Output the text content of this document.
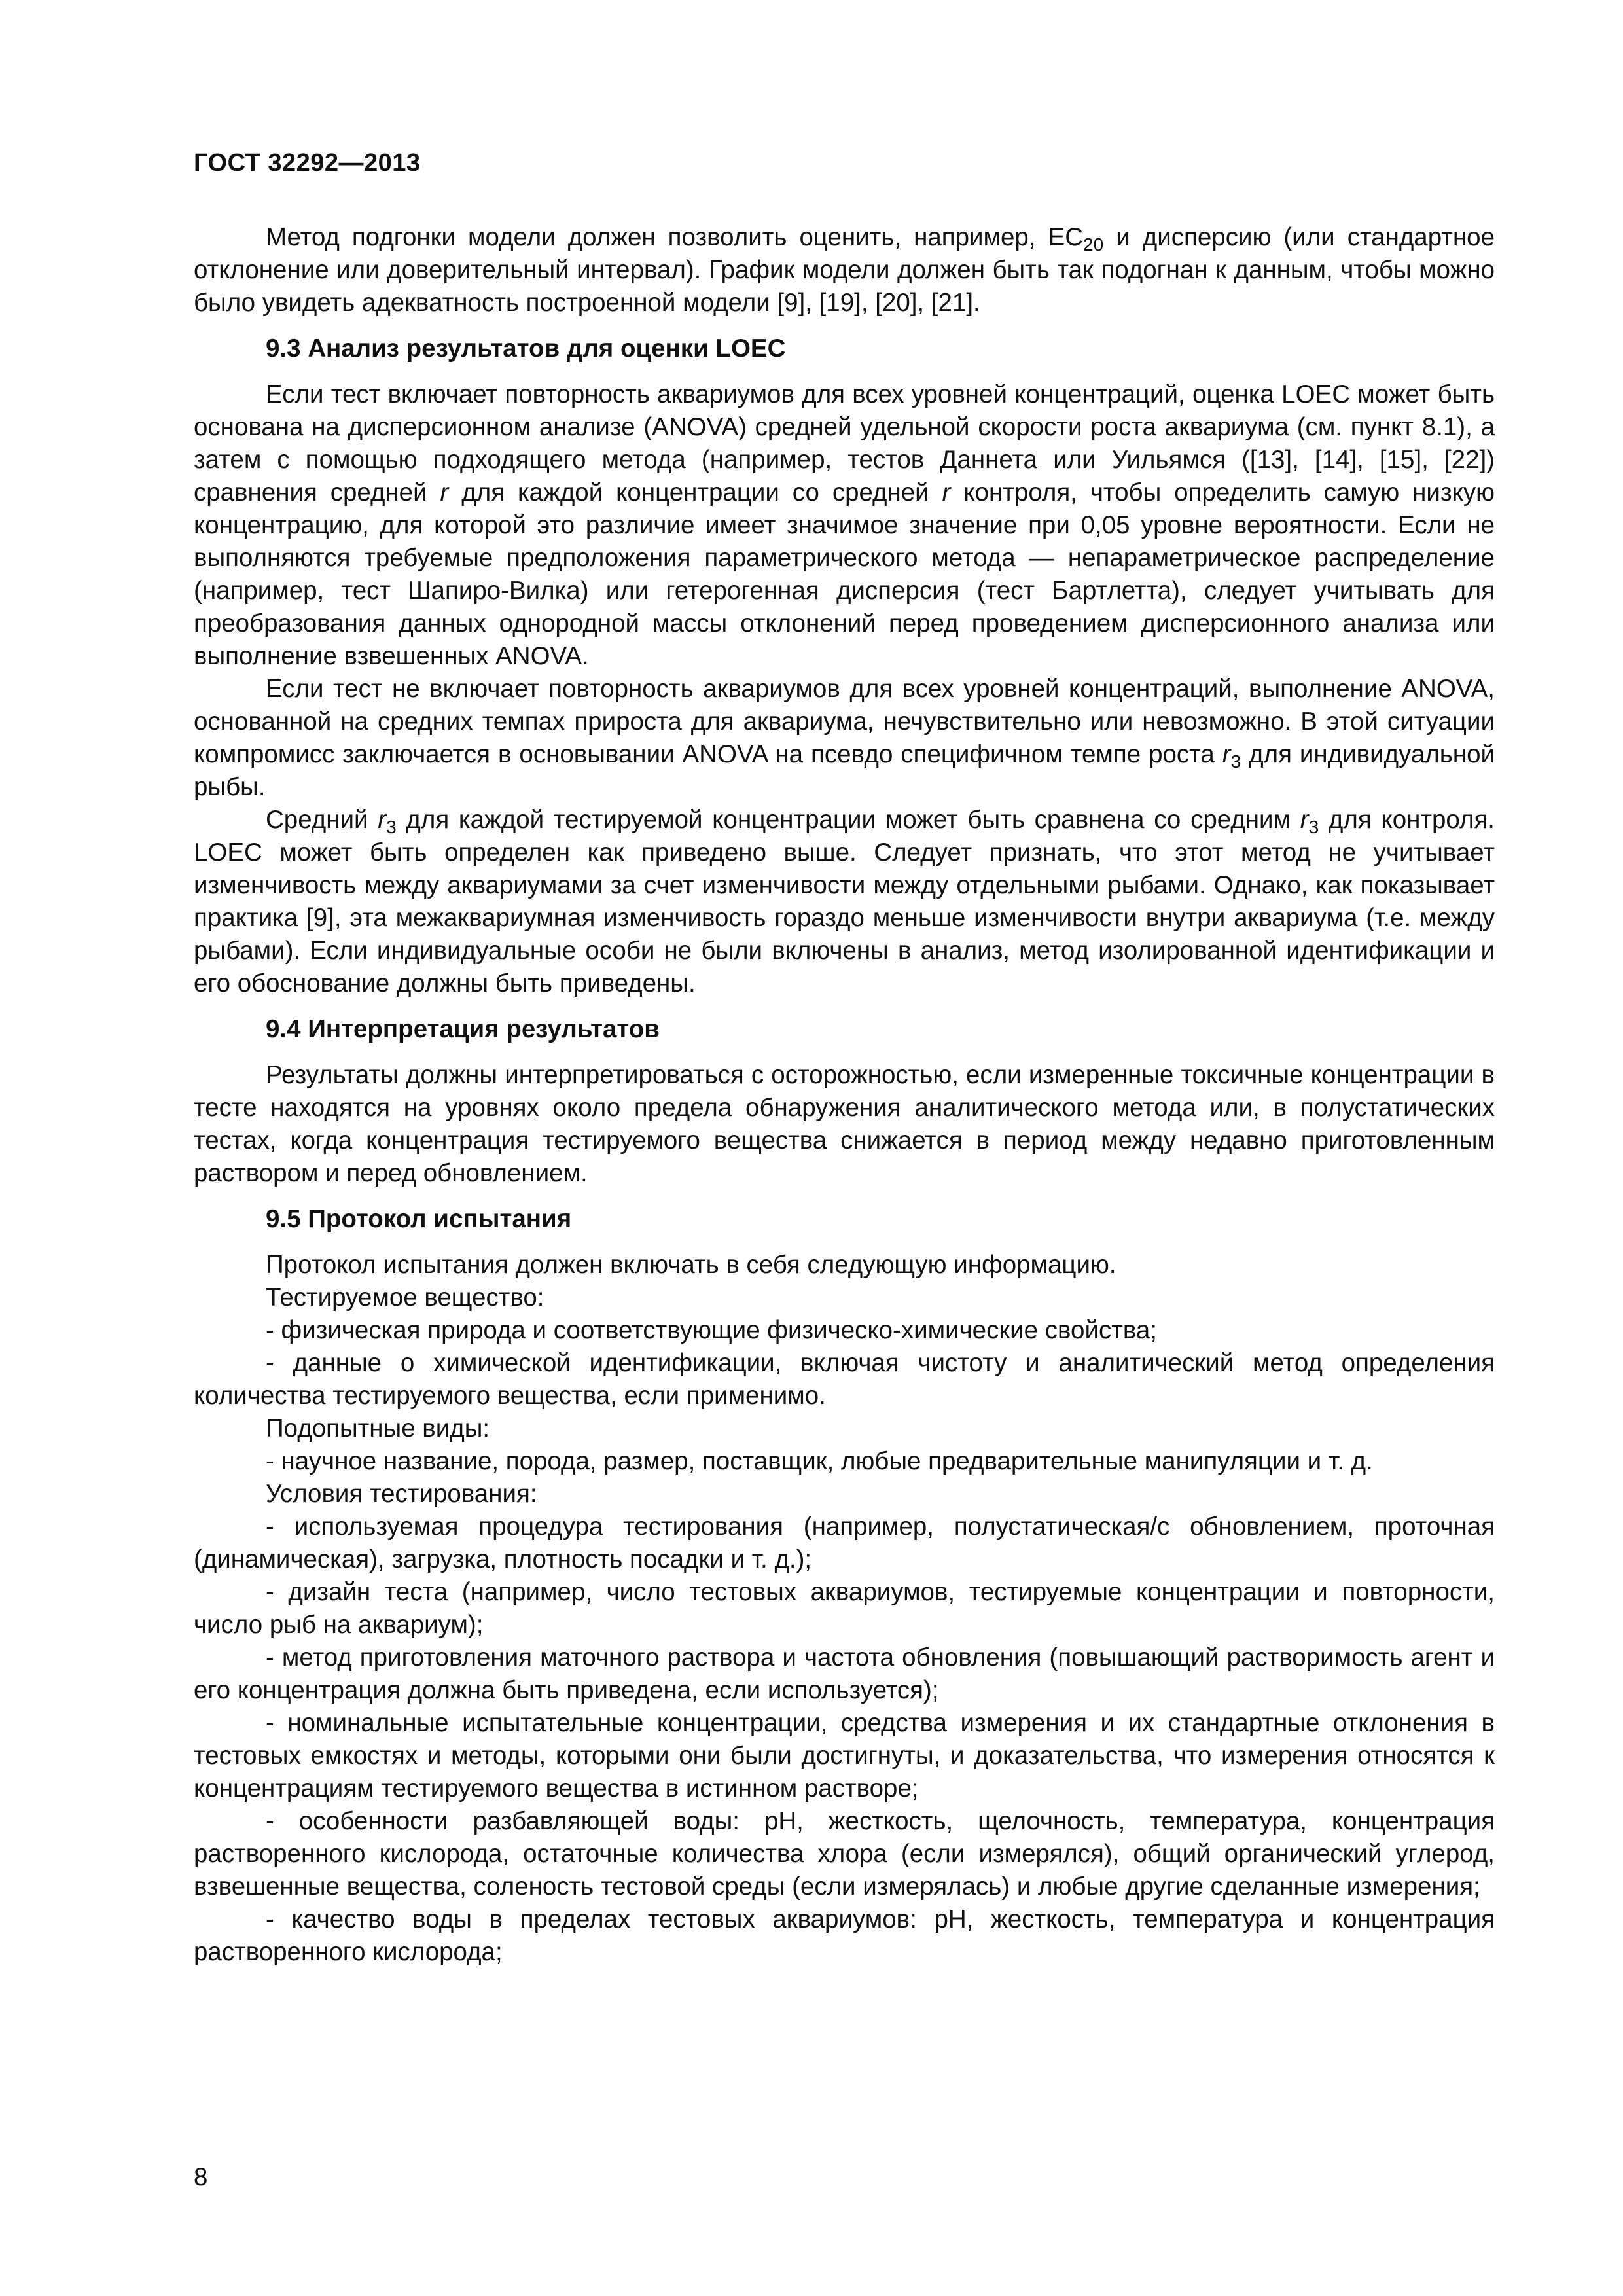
ГОСТ 32292—2013

Метод подгонки модели должен позволить оценить, например, $ЕС_{20}$ и дисперсию (или стандартное отклонение или доверительный интервал). График модели должен быть так подогнан к данным, чтобы можно было увидеть адекватность построенной модели [9], [19], [20], [21].

9.3 Анализ результатов для оценки LOEC

Если тест включает повторность аквариумов для всех уровней концентраций, оценка LOEC может быть основана на дисперсионном анализе (ANOVA) средней удельной скорости роста аквариума (см. пункт 8.1), а затем с помощью подходящего метода (например, тестов Даннета или Уильямся ([13], [14], [15], [22]) сравнения средней r для каждой концентрации со средней r контроля, чтобы определить самую низкую концентрацию, для которой это различие имеет значимое значение при 0,05 уровне вероятности. Если не выполняются требуемые предположения параметрического метода — непараметрическое распределение (например, тест Шапиро-Вилка) или гетерогенная дисперсия (тест Бартлетта), следует учитывать для преобразования данных однородной массы отклонений перед проведением дисперсионного анализа или выполнение взвешенных ANOVA.

Если тест не включает повторность аквариумов для всех уровней концентраций, выполнение ANOVA, основанной на средних темпах прироста для аквариума, нечувствительно или невозможно. В этой ситуации компромисс заключается в основывании ANOVA на псевдо специфичном темпе роста $r_3$ для индивидуальной рыбы.

Средний $r_3$ для каждой тестируемой концентрации может быть сравнена со средним $r_3$ для контроля. LOEC может быть определен как приведено выше. Следует признать, что этот метод не учитывает изменчивость между аквариумами за счет изменчивости между отдельными рыбами. Однако, как показывает практика [9], эта межаквариумная изменчивость гораздо меньше изменчивости внутри аквариума (т.е. между рыбами). Если индивидуальные особи не были включены в анализ, метод изолированной идентификации и его обоснование должны быть приведены.

9.4 Интерпретация результатов

Результаты должны интерпретироваться с осторожностью, если измеренные токсичные концентрации в тесте находятся на уровнях около предела обнаружения аналитического метода или, в полустатических тестах, когда концентрация тестируемого вещества снижается в период между недавно приготовленным раствором и перед обновлением.

9.5 Протокол испытания

Протокол испытания должен включать в себя следующую информацию.

Тестируемое вещество:

- физическая природа и соответствующие физическо-химические свойства;

- данные о химической идентификации, включая чистоту и аналитический метод определения количества тестируемого вещества, если применимо.

Подопытные виды:

- научное название, порода, размер, поставщик, любые предварительные манипуляции и т. д.

Условия тестирования:

- используемая процедура тестирования (например, полустатическая/с обновлением, проточная (динамическая), загрузка, плотность посадки и т. д.);

- дизайн теста (например, число тестовых аквариумов, тестируемые концентрации и повторности, число рыб на аквариум);

- метод приготовления маточного раствора и частота обновления (повышающий растворимость агент и его концентрация должна быть приведена, если используется);

- номинальные испытательные концентрации, средства измерения и их стандартные отклонения в тестовых емкостях и методы, которыми они были достигнуты, и доказательства, что измерения относятся к концентрациям тестируемого вещества в истинном растворе;

- особенности разбавляющей воды: pH, жесткость, щелочность, температура, концентрация растворенного кислорода, остаточные количества хлора (если измерялся), общий органический углерод, взвешенные вещества, соленость тестовой среды (если измерялась) и любые другие сделанные измерения;

- качество воды в пределах тестовых аквариумов: pH, жесткость, температура и концентрация растворенного кислорода;

8
